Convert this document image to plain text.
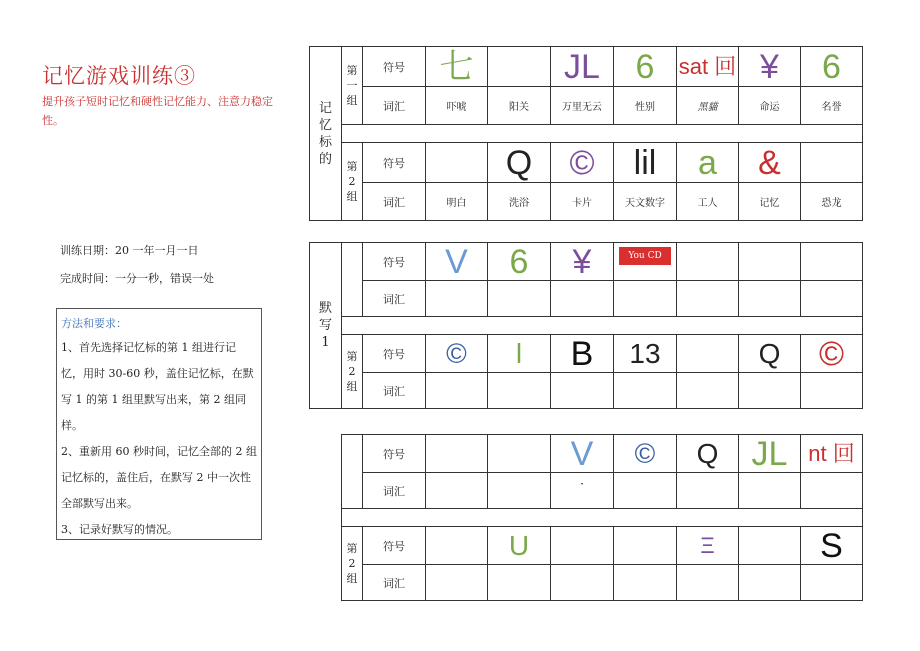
记忆游戏训练③
提升孩子短时记忆和硬性记忆能力、注意力稳定性。
训练日期：20 一年一月一日
完成时间：一分一秒，错误一处
方法和要求：

1、首先选择记忆标的第 1 组进行记忆，用时 30-60 秒，盖住记忆标，在默写 1 的第 1 组里默写出来，第 2 组同样。

2、重新用 60 秒时间，记忆全部的 2 组记忆标的，盖住后，在默写 2 中一次性全部默写出来。

3、记录好默写的情况。

记忆标的	第一组	符号	七		JL	6	sat 回	¥	6
		词汇	吓唬	阳关	万里无云	性别	黑貓	命运	名誉

	第2组	符号		Q	©	lil	a	&	
		词汇	明白	洗浴	卡片	天文数字	工人	记忆	恐龙
默写1		符号	V	6	¥	You CD			
		词汇							

	第2组	符号	©	l	B	13		Q	©
		词汇							
	符号			V	©	Q	JL	nt 回
	词汇			·				

第2组	符号		U			Ξ		S
	词汇							
